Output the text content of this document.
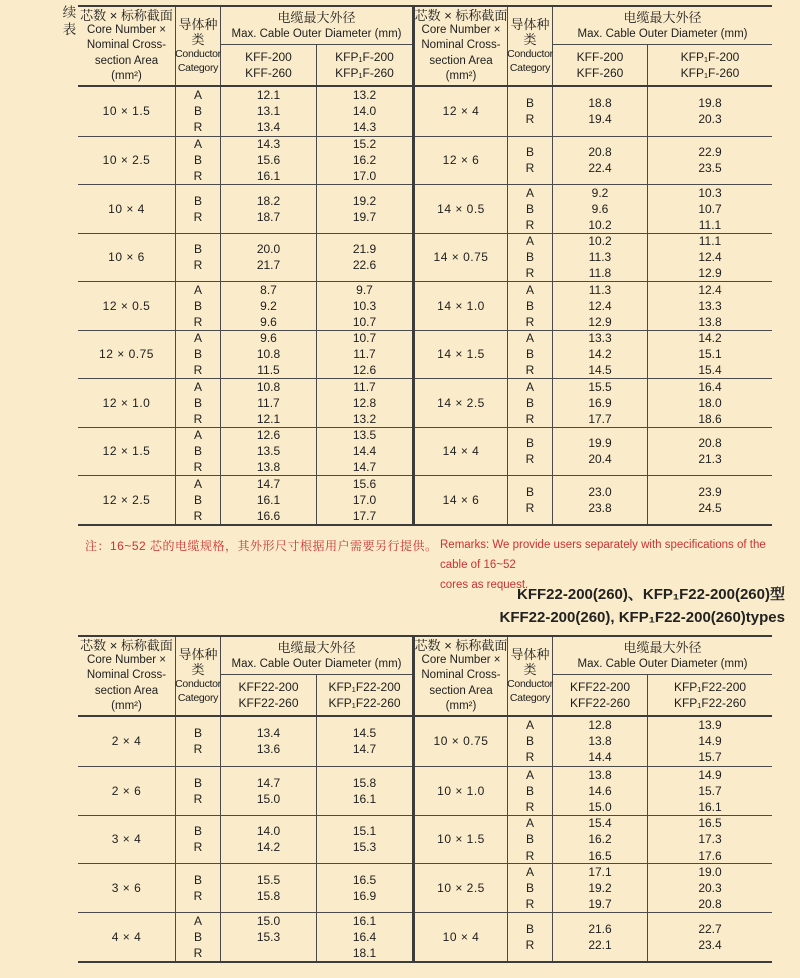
续表
芯数 × 标称截面
Core Number ×
Nominal Cross-
section Area
(mm²)
导体种
类
Conductor
Category
电缆最大外径
Max. Cable Outer Diameter (mm)
KFF-200
KFF-260
KFP₁F-200
KFP₁F-260
10 × 1.5
A
B
R
12.1
13.1
13.4
13.2
14.0
14.3
10 × 2.5
A
B
R
14.3
15.6
16.1
15.2
16.2
17.0
10 × 4
B
R
18.2
18.7
19.2
19.7
10 × 6
B
R
20.0
21.7
21.9
22.6
12 × 0.5
A
B
R
8.7
9.2
9.6
9.7
10.3
10.7
12 × 0.75
A
B
R
9.6
10.8
11.5
10.7
11.7
12.6
12 × 1.0
A
B
R
10.8
11.7
12.1
11.7
12.8
13.2
12 × 1.5
A
B
R
12.6
13.5
13.8
13.5
14.4
14.7
12 × 2.5
A
B
R
14.7
16.1
16.6
15.6
17.0
17.7
芯数 × 标称截面
Core Number ×
Nominal Cross-
section Area
(mm²)
导体种
类
Conductor
Category
电缆最大外径
Max. Cable Outer Diameter (mm)
KFF-200
KFF-260
KFP₁F-200
KFP₁F-260
12 × 4
B
R
18.8
19.4
19.8
20.3
12 × 6
B
R
20.8
22.4
22.9
23.5
14 × 0.5
A
B
R
9.2
9.6
10.2
10.3
10.7
11.1
14 × 0.75
A
B
R
10.2
11.3
11.8
11.1
12.4
12.9
14 × 1.0
A
B
R
11.3
12.4
12.9
12.4
13.3
13.8
14 × 1.5
A
B
R
13.3
14.2
14.5
14.2
15.1
15.4
14 × 2.5
A
B
R
15.5
16.9
17.7
16.4
18.0
18.6
14 × 4
B
R
19.9
20.4
20.8
21.3
14 × 6
B
R
23.0
23.8
23.9
24.5
注：16~52 芯的电缆规格，其外形尺寸根据用户需要另行提供。 Remarks: We provide users separately with specifications of the cable of 16~52
cores as request.
KFF22-200(260)、KFP₁F22-200(260)型
KFF22-200(260), KFP₁F22-200(260)types
芯数 × 标称截面
Core Number ×
Nominal Cross-
section Area
(mm²)
导体种
类
Conductor
Category
电缆最大外径
Max. Cable Outer Diameter (mm)
KFF22-200
KFF22-260
KFP₁F22-200
KFP₁F22-260
2 × 4
B
R
13.4
13.6
14.5
14.7
2 × 6
B
R
14.7
15.0
15.8
16.1
3 × 4
B
R
14.0
14.2
15.1
15.3
3 × 6
B
R
15.5
15.8
16.5
16.9
4 × 4
A
B
R
15.0
15.3
16.1
16.4
18.1
芯数 × 标称截面
Core Number ×
Nominal Cross-
section Area
(mm²)
导体种
类
Conductor
Category
电缆最大外径
Max. Cable Outer Diameter (mm)
KFF22-200
KFF22-260
KFP₁F22-200
KFP₁F22-260
10 × 0.75
A
B
R
12.8
13.8
14.4
13.9
14.9
15.7
10 × 1.0
A
B
R
13.8
14.6
15.0
14.9
15.7
16.1
10 × 1.5
A
B
R
15.4
16.2
16.5
16.5
17.3
17.6
10 × 2.5
A
B
R
17.1
19.2
19.7
19.0
20.3
20.8
10 × 4
B
R
21.6
22.1
22.7
23.4
